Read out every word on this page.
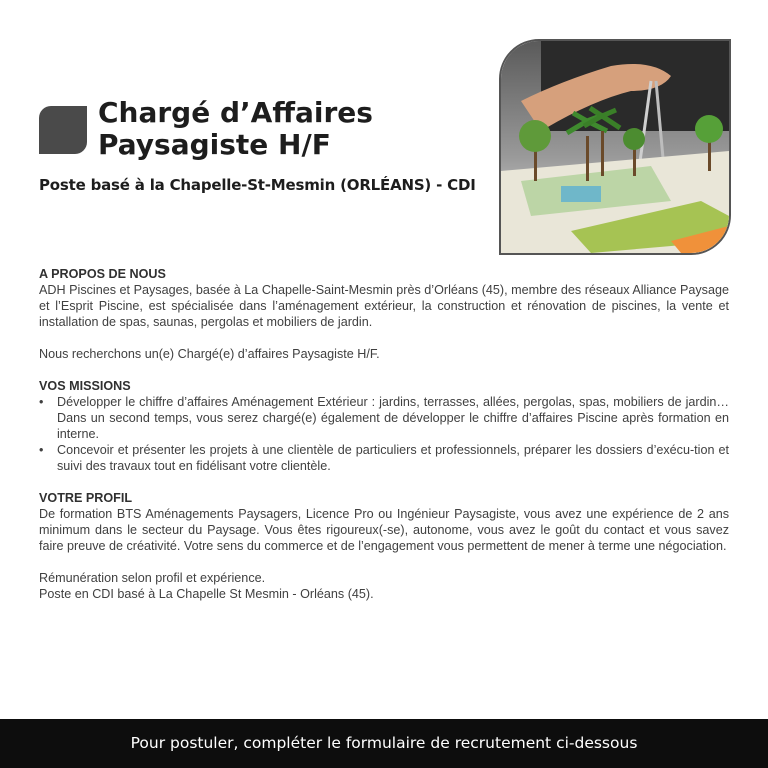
Chargé d’Affaires
Paysagiste H/F

Poste basé à la Chapelle-St-Mesmin (ORLÉANS) - CDI

A PROPOS DE NOUS

ADH Piscines et Paysages, basée à La Chapelle-Saint-Mesmin près d’Orléans (45), membre des réseaux Alliance Paysage et l’Esprit Piscine, est spécialisée dans l’aménagement extérieur, la construction et rénovation de piscines, la vente et installation de spas, saunas, pergolas et mobiliers de jardin.

Nous recherchons un(e) Chargé(e) d’affaires Paysagiste H/F.

VOS MISSIONS
• Développer le chiffre d’affaires Aménagement Extérieur : jardins, terrasses, allées, pergolas, spas, mobiliers de jardin… Dans un second temps, vous serez chargé(e) également de développer le chiffre d’affaires Piscine après formation en interne.
• Concevoir et présenter les projets à une clientèle de particuliers et professionnels, préparer les dossiers d’exécu-tion et suivi des travaux tout en fidélisant votre clientèle.
VOTRE PROFIL

De formation BTS Aménagements Paysagers, Licence Pro ou Ingénieur Paysagiste, vous avez une expérience de 2 ans minimum dans le secteur du Paysage. Vous êtes rigoureux(-se), autonome, vous avez le goût du contact et vous savez faire preuve de créativité. Votre sens du commerce et de l’engagement vous permettent de mener à terme une négociation.

Rémunération selon profil et expérience.

Poste en CDI basé à La Chapelle St Mesmin - Orléans (45).

Pour postuler, compléter le formulaire de recrutement ci-dessous
